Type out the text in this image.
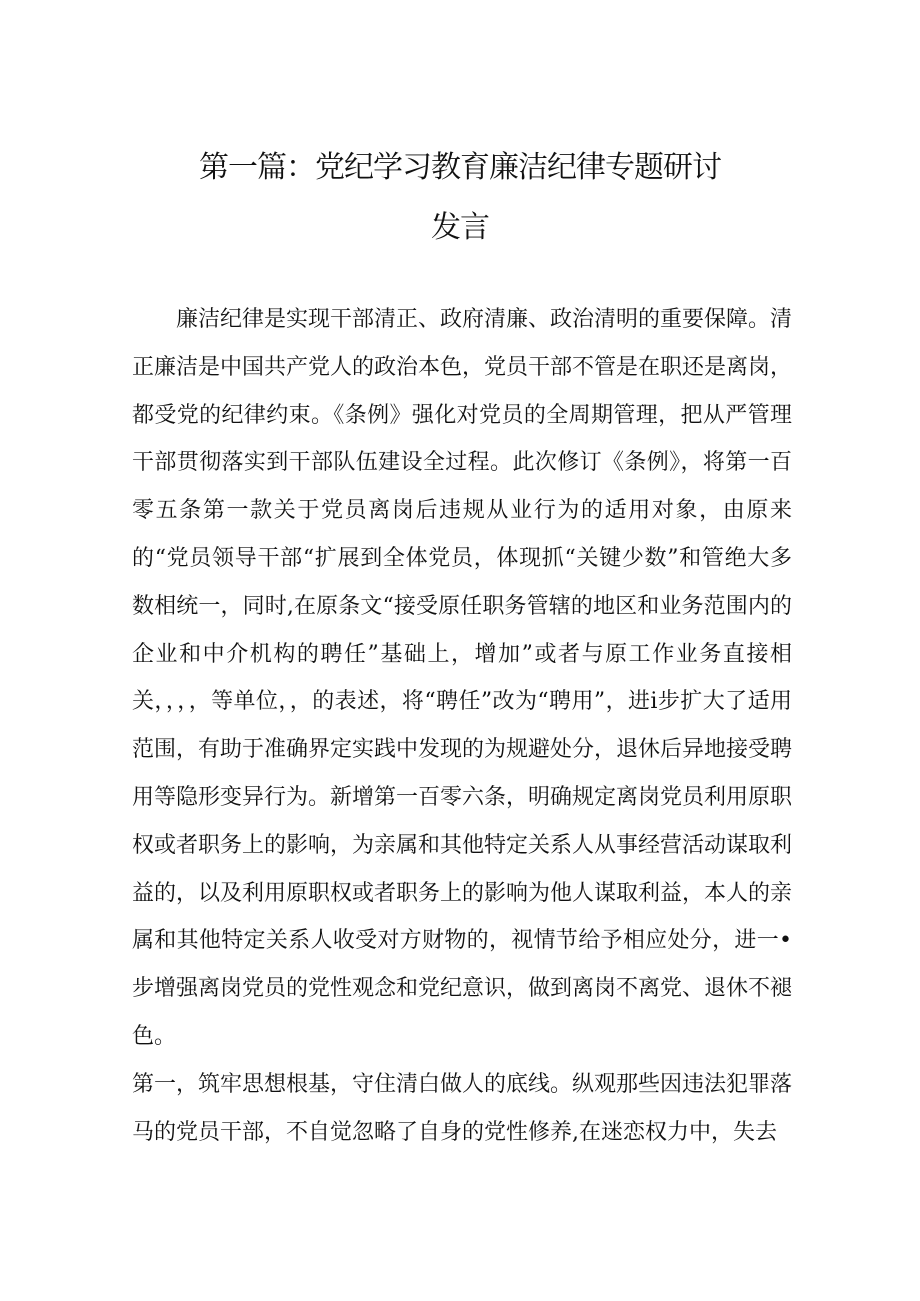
第一篇：党纪学习教育廉洁纪律专题研讨
发言

廉洁纪律是实现干部清正、政府清廉、政治清明的重要保障。清正廉洁是中国共产党人的政治本色，党员干部不管是在职还是离岗，都受党的纪律约束。《条例》强化对党员的全周期管理，把从严管理干部贯彻落实到干部队伍建设全过程。此次修订《条例》，将第一百零五条第一款关于党员离岗后违规从业行为的适用对象，由原来的“党员领导干部“扩展到全体党员，体现抓“关键少数”和管绝大多数相统一，同时,在原条文“接受原任职务管辖的地区和业务范围内的企业和中介机构的聘任”基础上，增加”或者与原工作业务直接相关，，，，等单位，，的表述，将“聘任”改为“聘用”，进i步扩大了适用范围，有助于准确界定实践中发现的为规避处分，退休后异地接受聘用等隐形变异行为。新增第一百零六条，明确规定离岗党员利用原职权或者职务上的影响，为亲属和其他特定关系人从事经营活动谋取利益的，以及利用原职权或者职务上的影响为他人谋取利益，本人的亲属和其他特定关系人收受对方财物的，视情节给予相应处分，进一•步增强离岗党员的党性观念和党纪意识，做到离岗不离党、退休不褪色。

第一，筑牢思想根基，守住清白做人的底线。纵观那些因违法犯罪落马的党员干部，不自觉忽略了自身的党性修养,在迷恋权力中，失去
